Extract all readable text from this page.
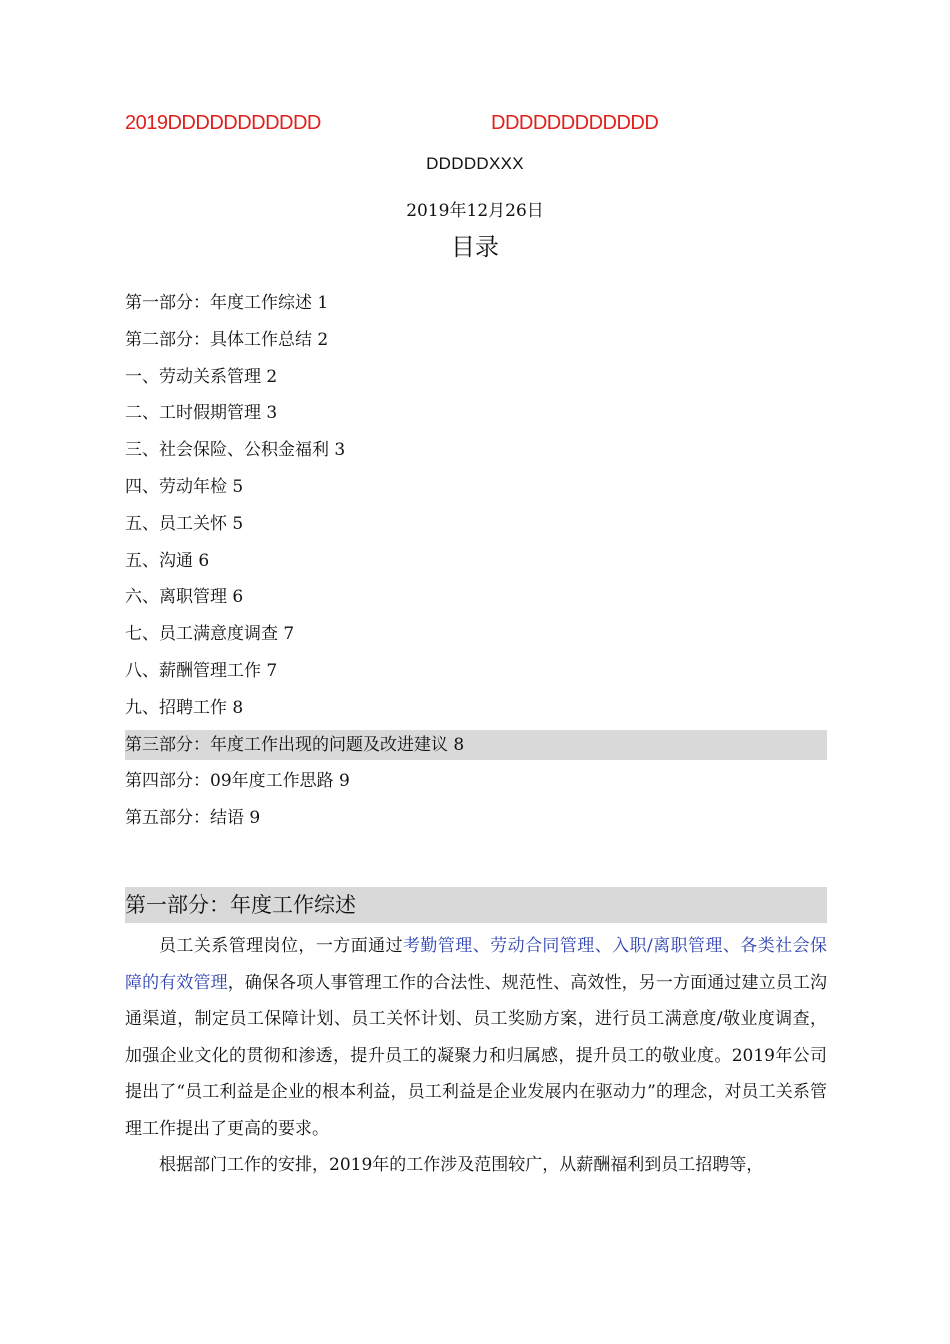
2019DDDDDDDDDDD	DDDDDDDDDDDD
DDDDDXXX
2019年12月26日
目录
第一部分：年度工作综述 1
第二部分：具体工作总结 2
一、劳动关系管理 2
二、工时假期管理 3
三、社会保险、公积金福利 3
四、劳动年检 5
五、员工关怀 5
五、沟通 6
六、离职管理 6
七、员工满意度调查 7
八、薪酬管理工作 7
九、招聘工作 8
第三部分：年度工作出现的问题及改进建议 8
第四部分：09年度工作思路 9
第五部分：结语 9
第一部分：年度工作综述

员工关系管理岗位，一方面通过考勤管理、劳动合同管理、入职/离职管理、各类社会保障的有效管理，确保各项人事管理工作的合法性、规范性、高效性，另一方面通过建立员工沟通渠道，制定员工保障计划、员工关怀计划、员工奖励方案，进行员工满意度/敬业度调查，加强企业文化的贯彻和渗透，提升员工的凝聚力和归属感，提升员工的敬业度。2019年公司提出了“员工利益是企业的根本利益，员工利益是企业发展内在驱动力”的理念，对员工关系管理工作提出了更高的要求。

根据部门工作的安排，2019年的工作涉及范围较广，从薪酬福利到员工招聘等，
